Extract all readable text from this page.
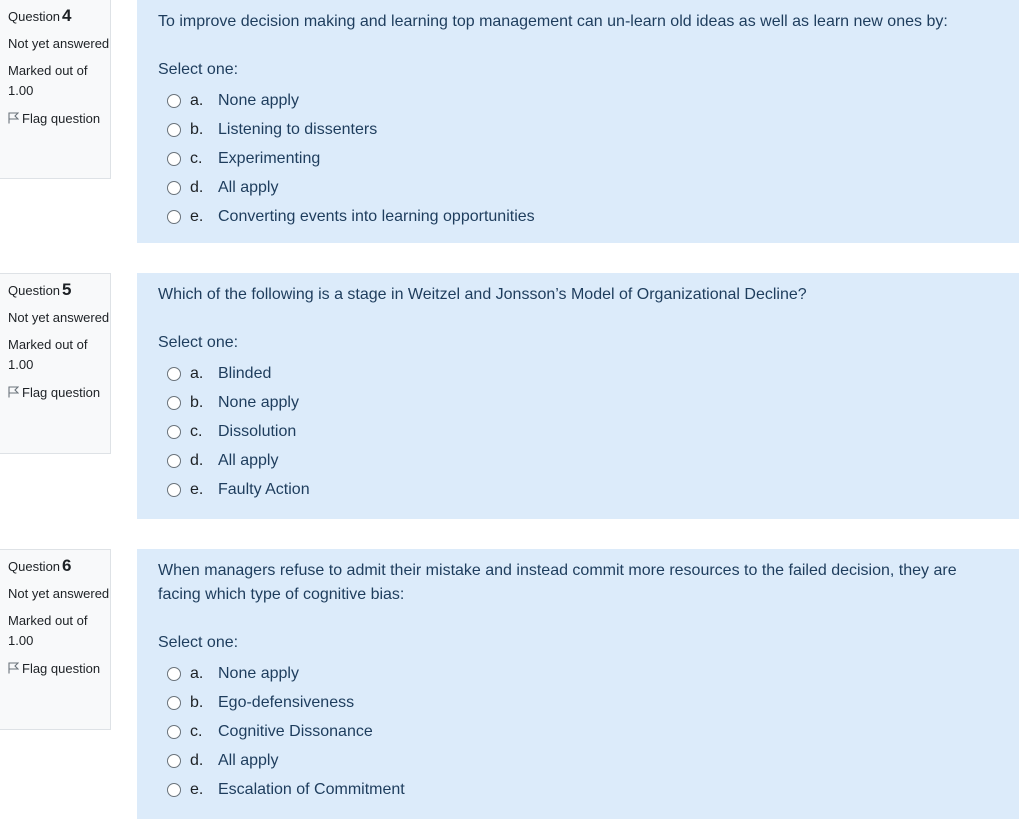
Question 4
Not yet answered
Marked out of 1.00
Flag question

To improve decision making and learning top management can un-learn old ideas as well as learn new ones by:

Select one:
a. None apply
b. Listening to dissenters
c. Experimenting
d. All apply
e. Converting events into learning opportunities
Question 5
Not yet answered
Marked out of 1.00
Flag question

Which of the following is a stage in Weitzel and Jonsson’s Model of Organizational Decline?

Select one:
a. Blinded
b. None apply
c. Dissolution
d. All apply
e. Faulty Action
Question 6
Not yet answered
Marked out of 1.00
Flag question

When managers refuse to admit their mistake and instead commit more resources to the failed decision, they are facing which type of cognitive bias:

Select one:
a. None apply
b. Ego-defensiveness
c. Cognitive Dissonance
d. All apply
e. Escalation of Commitment
